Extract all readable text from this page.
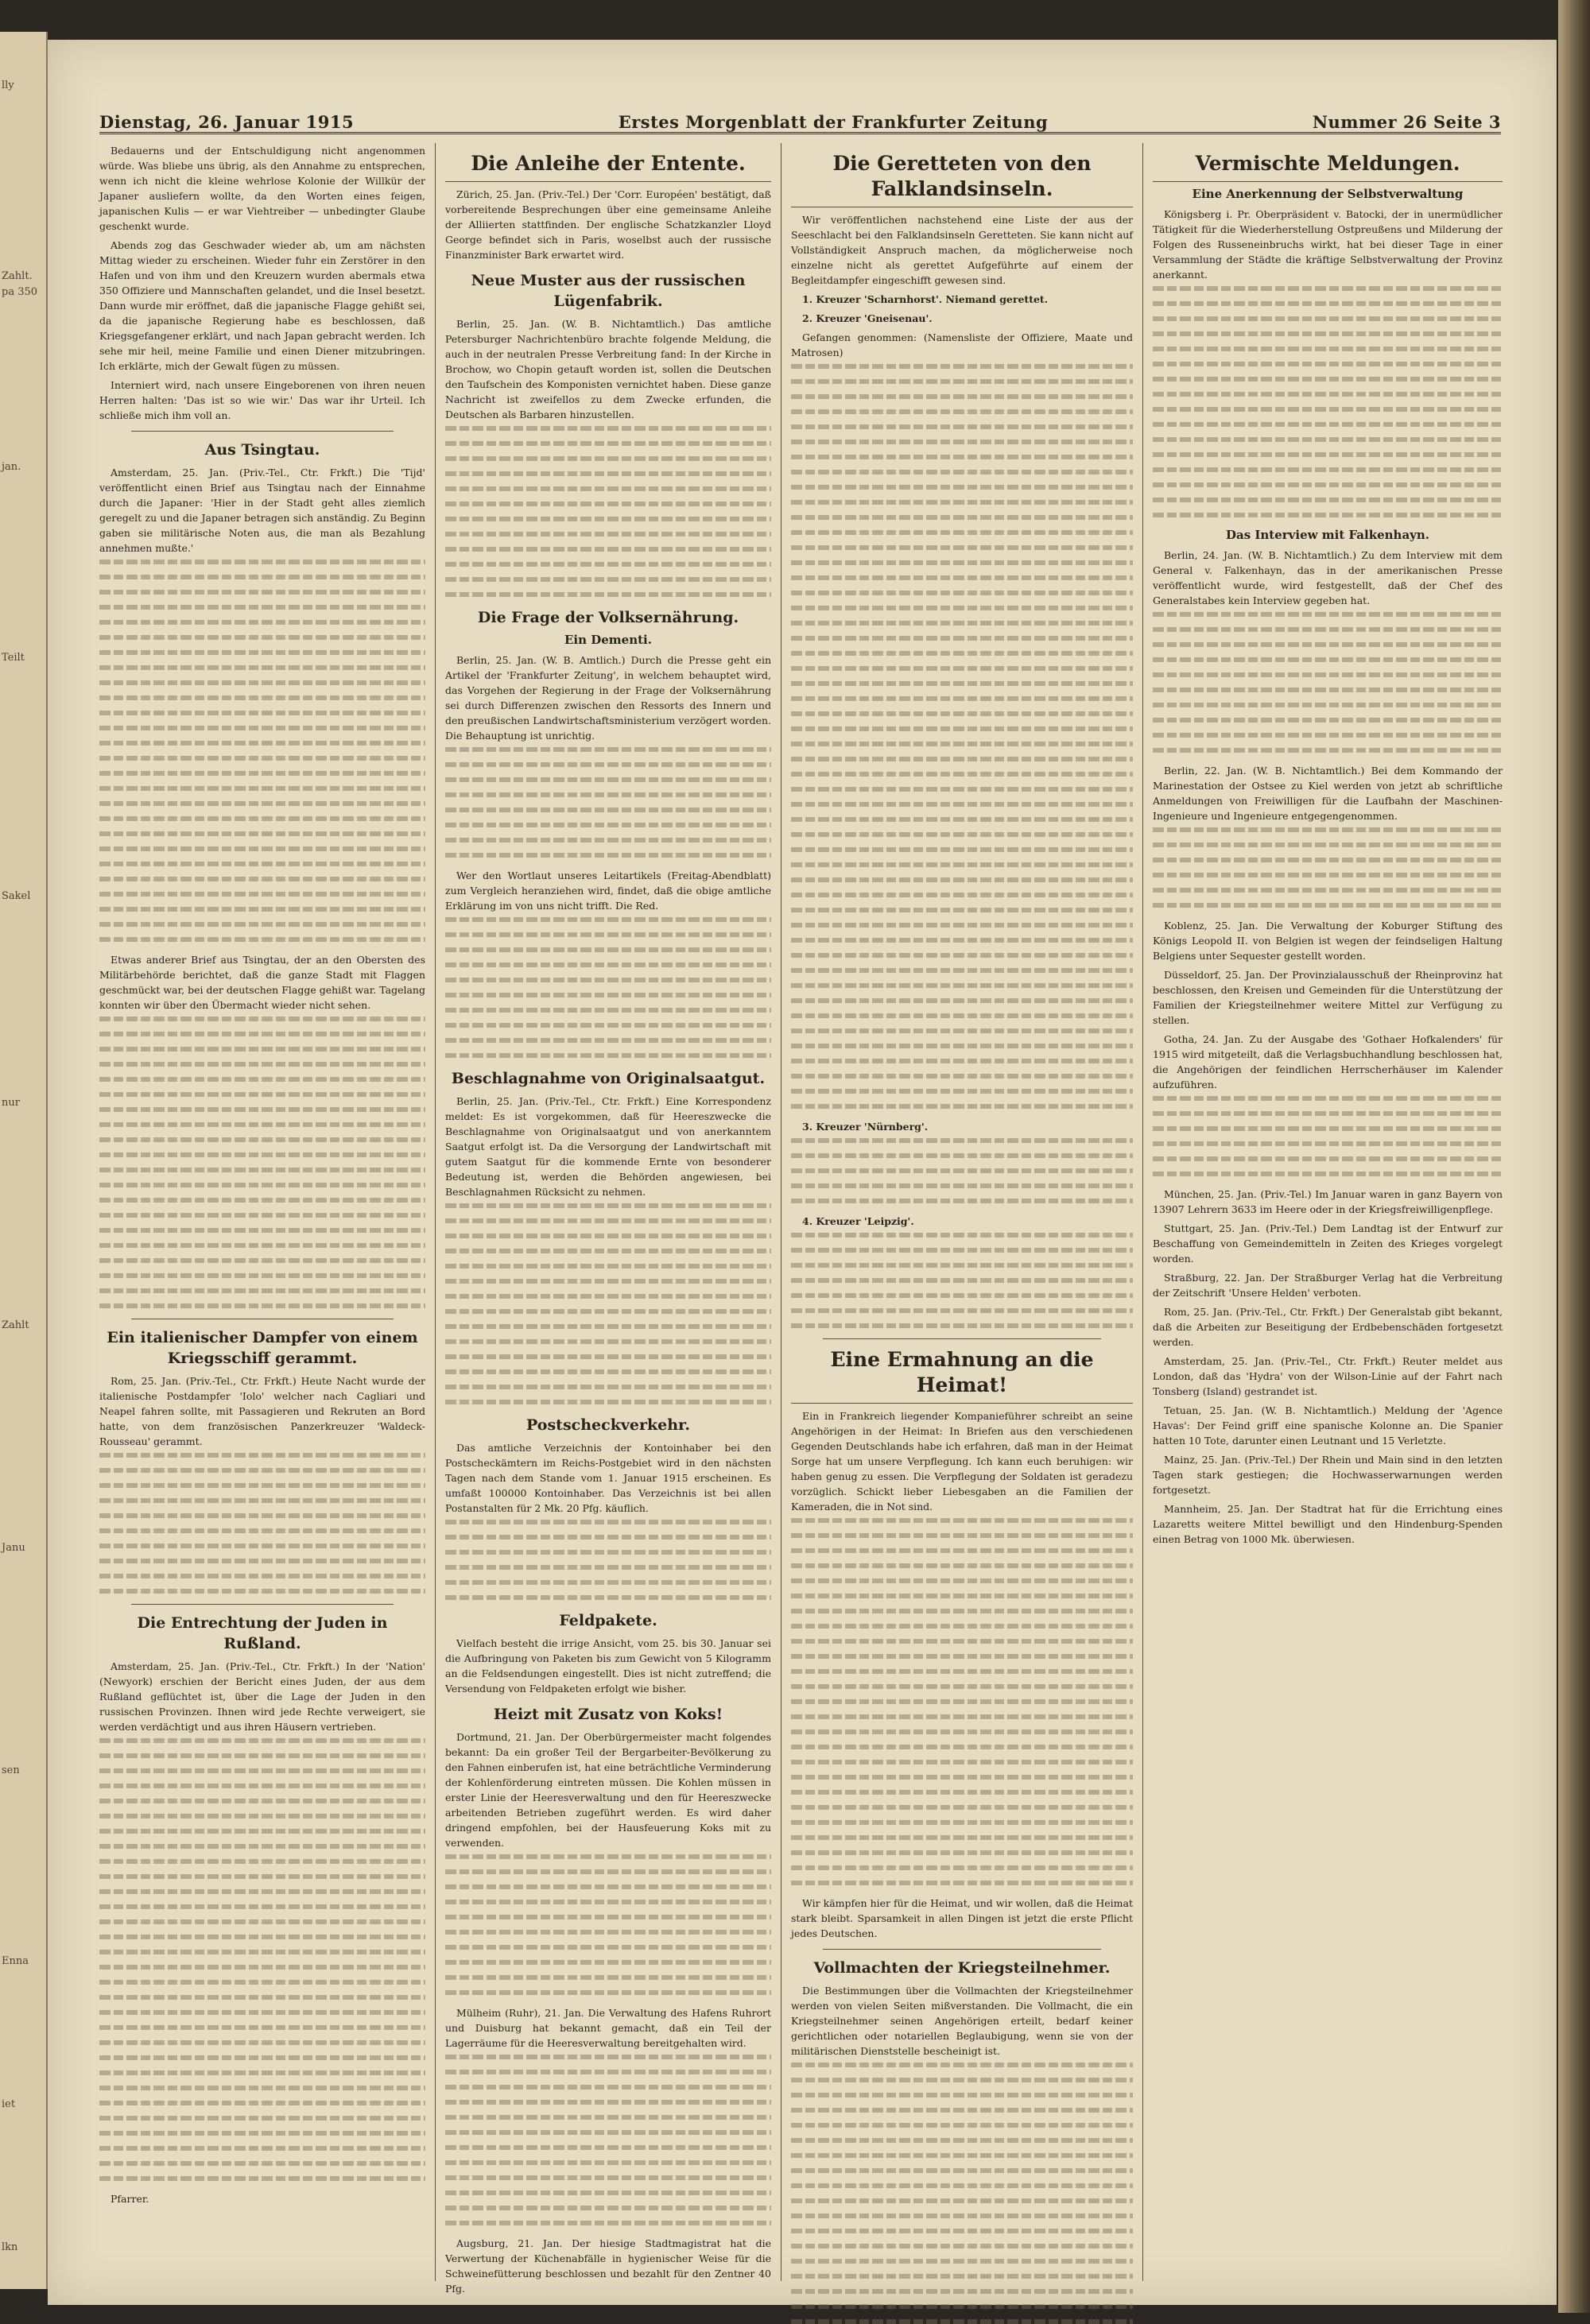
lly
Zahlt.
pa 350
jan.
Teilt
Sakel
nur
Zahlt
Janu
sen
Enna
iet
lkn
Dienstag, 26. Januar 1915	Erstes Morgenblatt der Frankfurter Zeitung	Nummer 26 Seite 3

Bedauerns und der Entschuldigung nicht angenommen würde. Was bliebe uns übrig, als den Annahme zu entsprechen, wenn ich nicht die kleine wehrlose Kolonie der Willkür der Japaner ausliefern wollte, da den Worten eines feigen, japanischen Kulis — er war Viehtreiber — unbedingter Glaube geschenkt wurde.

Abends zog das Geschwader wieder ab, um am nächsten Mittag wieder zu erscheinen. Wieder fuhr ein Zerstörer in den Hafen und von ihm und den Kreuzern wurden abermals etwa 350 Offiziere und Mannschaften gelandet, und die Insel besetzt. Dann wurde mir eröffnet, daß die japanische Flagge gehißt sei, da die japanische Regierung habe es beschlossen, daß Kriegsgefangener erklärt, und nach Japan gebracht werden. Ich sehe mir heil, meine Familie und einen Diener mitzubringen. Ich erklärte, mich der Gewalt fügen zu müssen.

Interniert wird, nach unsere Eingeborenen von ihren neuen Herren halten: 'Das ist so wie wir.' Das war ihr Urteil. Ich schließe mich ihm voll an.

Aus Tsingtau.

Amsterdam, 25. Jan. (Priv.-Tel., Ctr. Frkft.) Die 'Tijd' veröffentlicht einen Brief aus Tsingtau nach der Einnahme durch die Japaner: 'Hier in der Stadt geht alles ziemlich geregelt zu und die Japaner betragen sich anständig. Zu Beginn gaben sie militärische Noten aus, die man als Bezahlung annehmen mußte.'

Etwas anderer Brief aus Tsingtau, der an den Obersten des Militärbehörde berichtet, daß die ganze Stadt mit Flaggen geschmückt war, bei der deutschen Flagge gehißt war. Tagelang konnten wir über den Übermacht wieder nicht sehen.

Ein italienischer Dampfer von einem Kriegsschiff gerammt.

Rom, 25. Jan. (Priv.-Tel., Ctr. Frkft.) Heute Nacht wurde der italienische Postdampfer 'Iolo' welcher nach Cagliari und Neapel fahren sollte, mit Passagieren und Rekruten an Bord hatte, von dem französischen Panzerkreuzer 'Waldeck-Rousseau' gerammt.

Die Entrechtung der Juden in Rußland.

Amsterdam, 25. Jan. (Priv.-Tel., Ctr. Frkft.) In der 'Nation' (Newyork) erschien der Bericht eines Juden, der aus dem Rußland geflüchtet ist, über die Lage der Juden in den russischen Provinzen. Ihnen wird jede Rechte verweigert, sie werden verdächtigt und aus ihren Häusern vertrieben.

Pfarrer.

Die Anleihe der Entente.

Zürich, 25. Jan. (Priv.-Tel.) Der 'Corr. Européen' bestätigt, daß vorbereitende Besprechungen über eine gemeinsame Anleihe der Alliierten stattfinden. Der englische Schatzkanzler Lloyd George befindet sich in Paris, woselbst auch der russische Finanzminister Bark erwartet wird.

Neue Muster aus der russischen Lügenfabrik.

Berlin, 25. Jan. (W. B. Nichtamtlich.) Das amtliche Petersburger Nachrichtenbüro brachte folgende Meldung, die auch in der neutralen Presse Verbreitung fand: In der Kirche in Brochow, wo Chopin getauft worden ist, sollen die Deutschen den Taufschein des Komponisten vernichtet haben. Diese ganze Nachricht ist zweifellos zu dem Zwecke erfunden, die Deutschen als Barbaren hinzustellen.

Die Frage der Volksernährung.
Ein Dementi.

Berlin, 25. Jan. (W. B. Amtlich.) Durch die Presse geht ein Artikel der 'Frankfurter Zeitung', in welchem behauptet wird, das Vorgehen der Regierung in der Frage der Volksernährung sei durch Differenzen zwischen den Ressorts des Innern und den preußischen Landwirtschaftsministerium verzögert worden. Die Behauptung ist unrichtig.

Wer den Wortlaut unseres Leitartikels (Freitag-Abendblatt) zum Vergleich heranziehen wird, findet, daß die obige amtliche Erklärung im von uns nicht trifft. Die Red.

Beschlagnahme von Originalsaatgut.

Berlin, 25. Jan. (Priv.-Tel., Ctr. Frkft.) Eine Korrespondenz meldet: Es ist vorgekommen, daß für Heereszwecke die Beschlagnahme von Originalsaatgut und von anerkanntem Saatgut erfolgt ist. Da die Versorgung der Landwirtschaft mit gutem Saatgut für die kommende Ernte von besonderer Bedeutung ist, werden die Behörden angewiesen, bei Beschlagnahmen Rücksicht zu nehmen.

Postscheckverkehr.

Das amtliche Verzeichnis der Kontoinhaber bei den Postscheckämtern im Reichs-Postgebiet wird in den nächsten Tagen nach dem Stande vom 1. Januar 1915 erscheinen. Es umfaßt 100000 Kontoinhaber. Das Verzeichnis ist bei allen Postanstalten für 2 Mk. 20 Pfg. käuflich.

Feldpakete.

Vielfach besteht die irrige Ansicht, vom 25. bis 30. Januar sei die Aufbringung von Paketen bis zum Gewicht von 5 Kilogramm an die Feldsendungen eingestellt. Dies ist nicht zutreffend; die Versendung von Feldpaketen erfolgt wie bisher.

Heizt mit Zusatz von Koks!

Dortmund, 21. Jan. Der Oberbürgermeister macht folgendes bekannt: Da ein großer Teil der Bergarbeiter-Bevölkerung zu den Fahnen einberufen ist, hat eine beträchtliche Verminderung der Kohlenförderung eintreten müssen. Die Kohlen müssen in erster Linie der Heeresverwaltung und den für Heereszwecke arbeitenden Betrieben zugeführt werden. Es wird daher dringend empfohlen, bei der Hausfeuerung Koks mit zu verwenden.

Mülheim (Ruhr), 21. Jan. Die Verwaltung des Hafens Ruhrort und Duisburg hat bekannt gemacht, daß ein Teil der Lagerräume für die Heeresverwaltung bereitgehalten wird.

Augsburg, 21. Jan. Der hiesige Stadtmagistrat hat die Verwertung der Küchenabfälle in hygienischer Weise für die Schweinefütterung beschlossen und bezahlt für den Zentner 40 Pfg.

Die Geretteten von den Falklandsinseln.

Wir veröffentlichen nachstehend eine Liste der aus der Seeschlacht bei den Falklandsinseln Geretteten. Sie kann nicht auf Vollständigkeit Anspruch machen, da möglicherweise noch einzelne nicht als gerettet Aufgeführte auf einem der Begleitdampfer eingeschifft gewesen sind.

1. Kreuzer 'Scharnhorst'. Niemand gerettet.

2. Kreuzer 'Gneisenau'.

Gefangen genommen: (Namensliste der Offiziere, Maate und Matrosen)

3. Kreuzer 'Nürnberg'.

4. Kreuzer 'Leipzig'.

Eine Ermahnung an die Heimat!

Ein in Frankreich liegender Kompanieführer schreibt an seine Angehörigen in der Heimat: In Briefen aus den verschiedenen Gegenden Deutschlands habe ich erfahren, daß man in der Heimat Sorge hat um unsere Verpflegung. Ich kann euch beruhigen: wir haben genug zu essen. Die Verpflegung der Soldaten ist geradezu vorzüglich. Schickt lieber Liebesgaben an die Familien der Kameraden, die in Not sind.

Wir kämpfen hier für die Heimat, und wir wollen, daß die Heimat stark bleibt. Sparsamkeit in allen Dingen ist jetzt die erste Pflicht jedes Deutschen.

Vollmachten der Kriegsteilnehmer.

Die Bestimmungen über die Vollmachten der Kriegsteilnehmer werden von vielen Seiten mißverstanden. Die Vollmacht, die ein Kriegsteilnehmer seinen Angehörigen erteilt, bedarf keiner gerichtlichen oder notariellen Beglaubigung, wenn sie von der militärischen Dienststelle bescheinigt ist.

Vermischte Meldungen.
Eine Anerkennung der Selbstverwaltung

Königsberg i. Pr. Oberpräsident v. Batocki, der in unermüdlicher Tätigkeit für die Wiederherstellung Ostpreußens und Milderung der Folgen des Russeneinbruchs wirkt, hat bei dieser Tage in einer Versammlung der Städte die kräftige Selbstverwaltung der Provinz anerkannt.

Das Interview mit Falkenhayn.

Berlin, 24. Jan. (W. B. Nichtamtlich.) Zu dem Interview mit dem General v. Falkenhayn, das in der amerikanischen Presse veröffentlicht wurde, wird festgestellt, daß der Chef des Generalstabes kein Interview gegeben hat.

Berlin, 22. Jan. (W. B. Nichtamtlich.) Bei dem Kommando der Marinestation der Ostsee zu Kiel werden von jetzt ab schriftliche Anmeldungen von Freiwilligen für die Laufbahn der Maschinen-Ingenieure und Ingenieure entgegengenommen.

Koblenz, 25. Jan. Die Verwaltung der Koburger Stiftung des Königs Leopold II. von Belgien ist wegen der feindseligen Haltung Belgiens unter Sequester gestellt worden.

Düsseldorf, 25. Jan. Der Provinzialausschuß der Rheinprovinz hat beschlossen, den Kreisen und Gemeinden für die Unterstützung der Familien der Kriegsteilnehmer weitere Mittel zur Verfügung zu stellen.

Gotha, 24. Jan. Zu der Ausgabe des 'Gothaer Hofkalenders' für 1915 wird mitgeteilt, daß die Verlagsbuchhandlung beschlossen hat, die Angehörigen der feindlichen Herrscherhäuser im Kalender aufzuführen.

München, 25. Jan. (Priv.-Tel.) Im Januar waren in ganz Bayern von 13907 Lehrern 3633 im Heere oder in der Kriegsfreiwilligenpflege.

Stuttgart, 25. Jan. (Priv.-Tel.) Dem Landtag ist der Entwurf zur Beschaffung von Gemeindemitteln in Zeiten des Krieges vorgelegt worden.

Straßburg, 22. Jan. Der Straßburger Verlag hat die Verbreitung der Zeitschrift 'Unsere Helden' verboten.

Rom, 25. Jan. (Priv.-Tel., Ctr. Frkft.) Der Generalstab gibt bekannt, daß die Arbeiten zur Beseitigung der Erdbebenschäden fortgesetzt werden.

Amsterdam, 25. Jan. (Priv.-Tel., Ctr. Frkft.) Reuter meldet aus London, daß das 'Hydra' von der Wilson-Linie auf der Fahrt nach Tonsberg (Island) gestrandet ist.

Tetuan, 25. Jan. (W. B. Nichtamtlich.) Meldung der 'Agence Havas': Der Feind griff eine spanische Kolonne an. Die Spanier hatten 10 Tote, darunter einen Leutnant und 15 Verletzte.

Mainz, 25. Jan. (Priv.-Tel.) Der Rhein und Main sind in den letzten Tagen stark gestiegen; die Hochwasserwarnungen werden fortgesetzt.

Mannheim, 25. Jan. Der Stadtrat hat für die Errichtung eines Lazaretts weitere Mittel bewilligt und den Hindenburg-Spenden einen Betrag von 1000 Mk. überwiesen.
